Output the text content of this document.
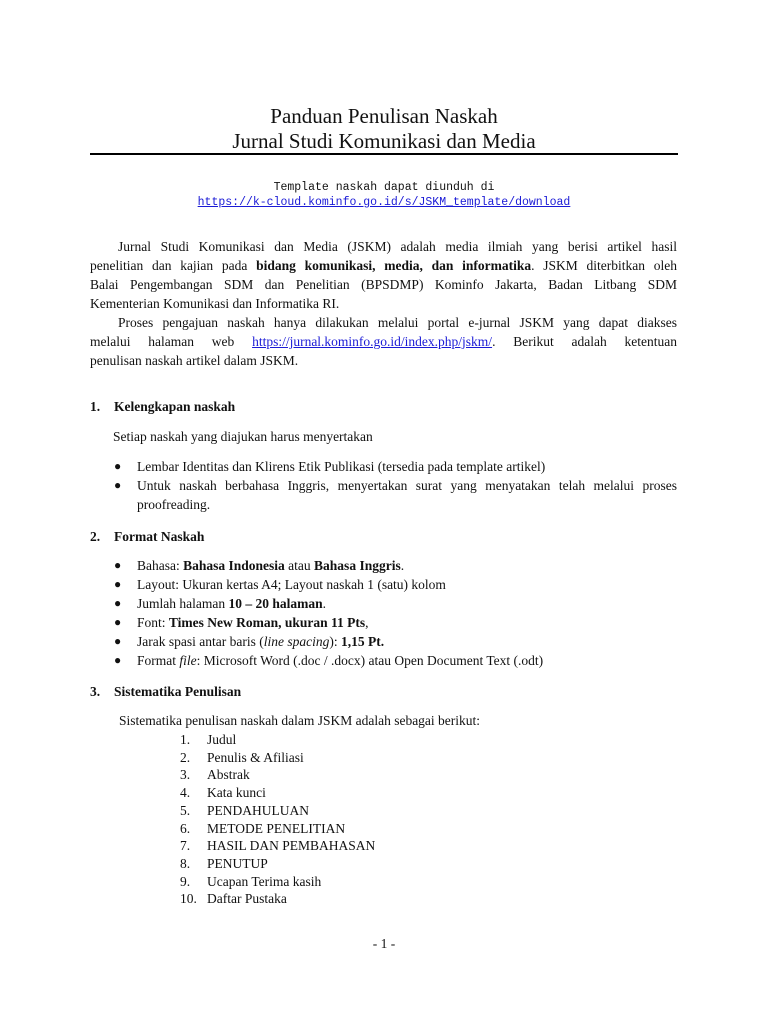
Panduan Penulisan Naskah
Jurnal Studi Komunikasi dan Media
Template naskah dapat diunduh di
https://k-cloud.kominfo.go.id/s/JSKM_template/download
Jurnal Studi Komunikasi dan Media (JSKM) adalah media ilmiah yang berisi artikel hasil
penelitian dan kajian pada bidang komunikasi, media, dan informatika. JSKM diterbitkan oleh
Balai Pengembangan SDM dan Penelitian (BPSDMP) Kominfo Jakarta, Badan Litbang SDM
Kementerian Komunikasi dan Informatika RI.
Proses pengajuan naskah hanya dilakukan melalui portal e-jurnal JSKM yang dapat diakses
melalui halaman web https://jurnal.kominfo.go.id/index.php/jskm/. Berikut adalah ketentuan
penulisan naskah artikel dalam JSKM.
1. Kelengkapan naskah
Setiap naskah yang diajukan harus menyertakan
● Lembar Identitas dan Klirens Etik Publikasi (tersedia pada template artikel)
● Untuk naskah berbahasa Inggris, menyertakan surat yang menyatakan telah melalui proses
proofreading.
2. Format Naskah
● Bahasa: Bahasa Indonesia atau Bahasa Inggris.
● Layout: Ukuran kertas A4; Layout naskah 1 (satu) kolom
● Jumlah halaman 10 – 20 halaman.
● Font: Times New Roman, ukuran 11 Pts,
● Jarak spasi antar baris (line spacing): 1,15 Pt.
● Format file: Microsoft Word (.doc / .docx) atau Open Document Text (.odt)
3. Sistematika Penulisan
Sistematika penulisan naskah dalam JSKM adalah sebagai berikut:
1. Judul
2. Penulis & Afiliasi
3. Abstrak
4. Kata kunci
5. PENDAHULUAN
6. METODE PENELITIAN
7. HASIL DAN PEMBAHASAN
8. PENUTUP
9. Ucapan Terima kasih
10. Daftar Pustaka
- 1 -
